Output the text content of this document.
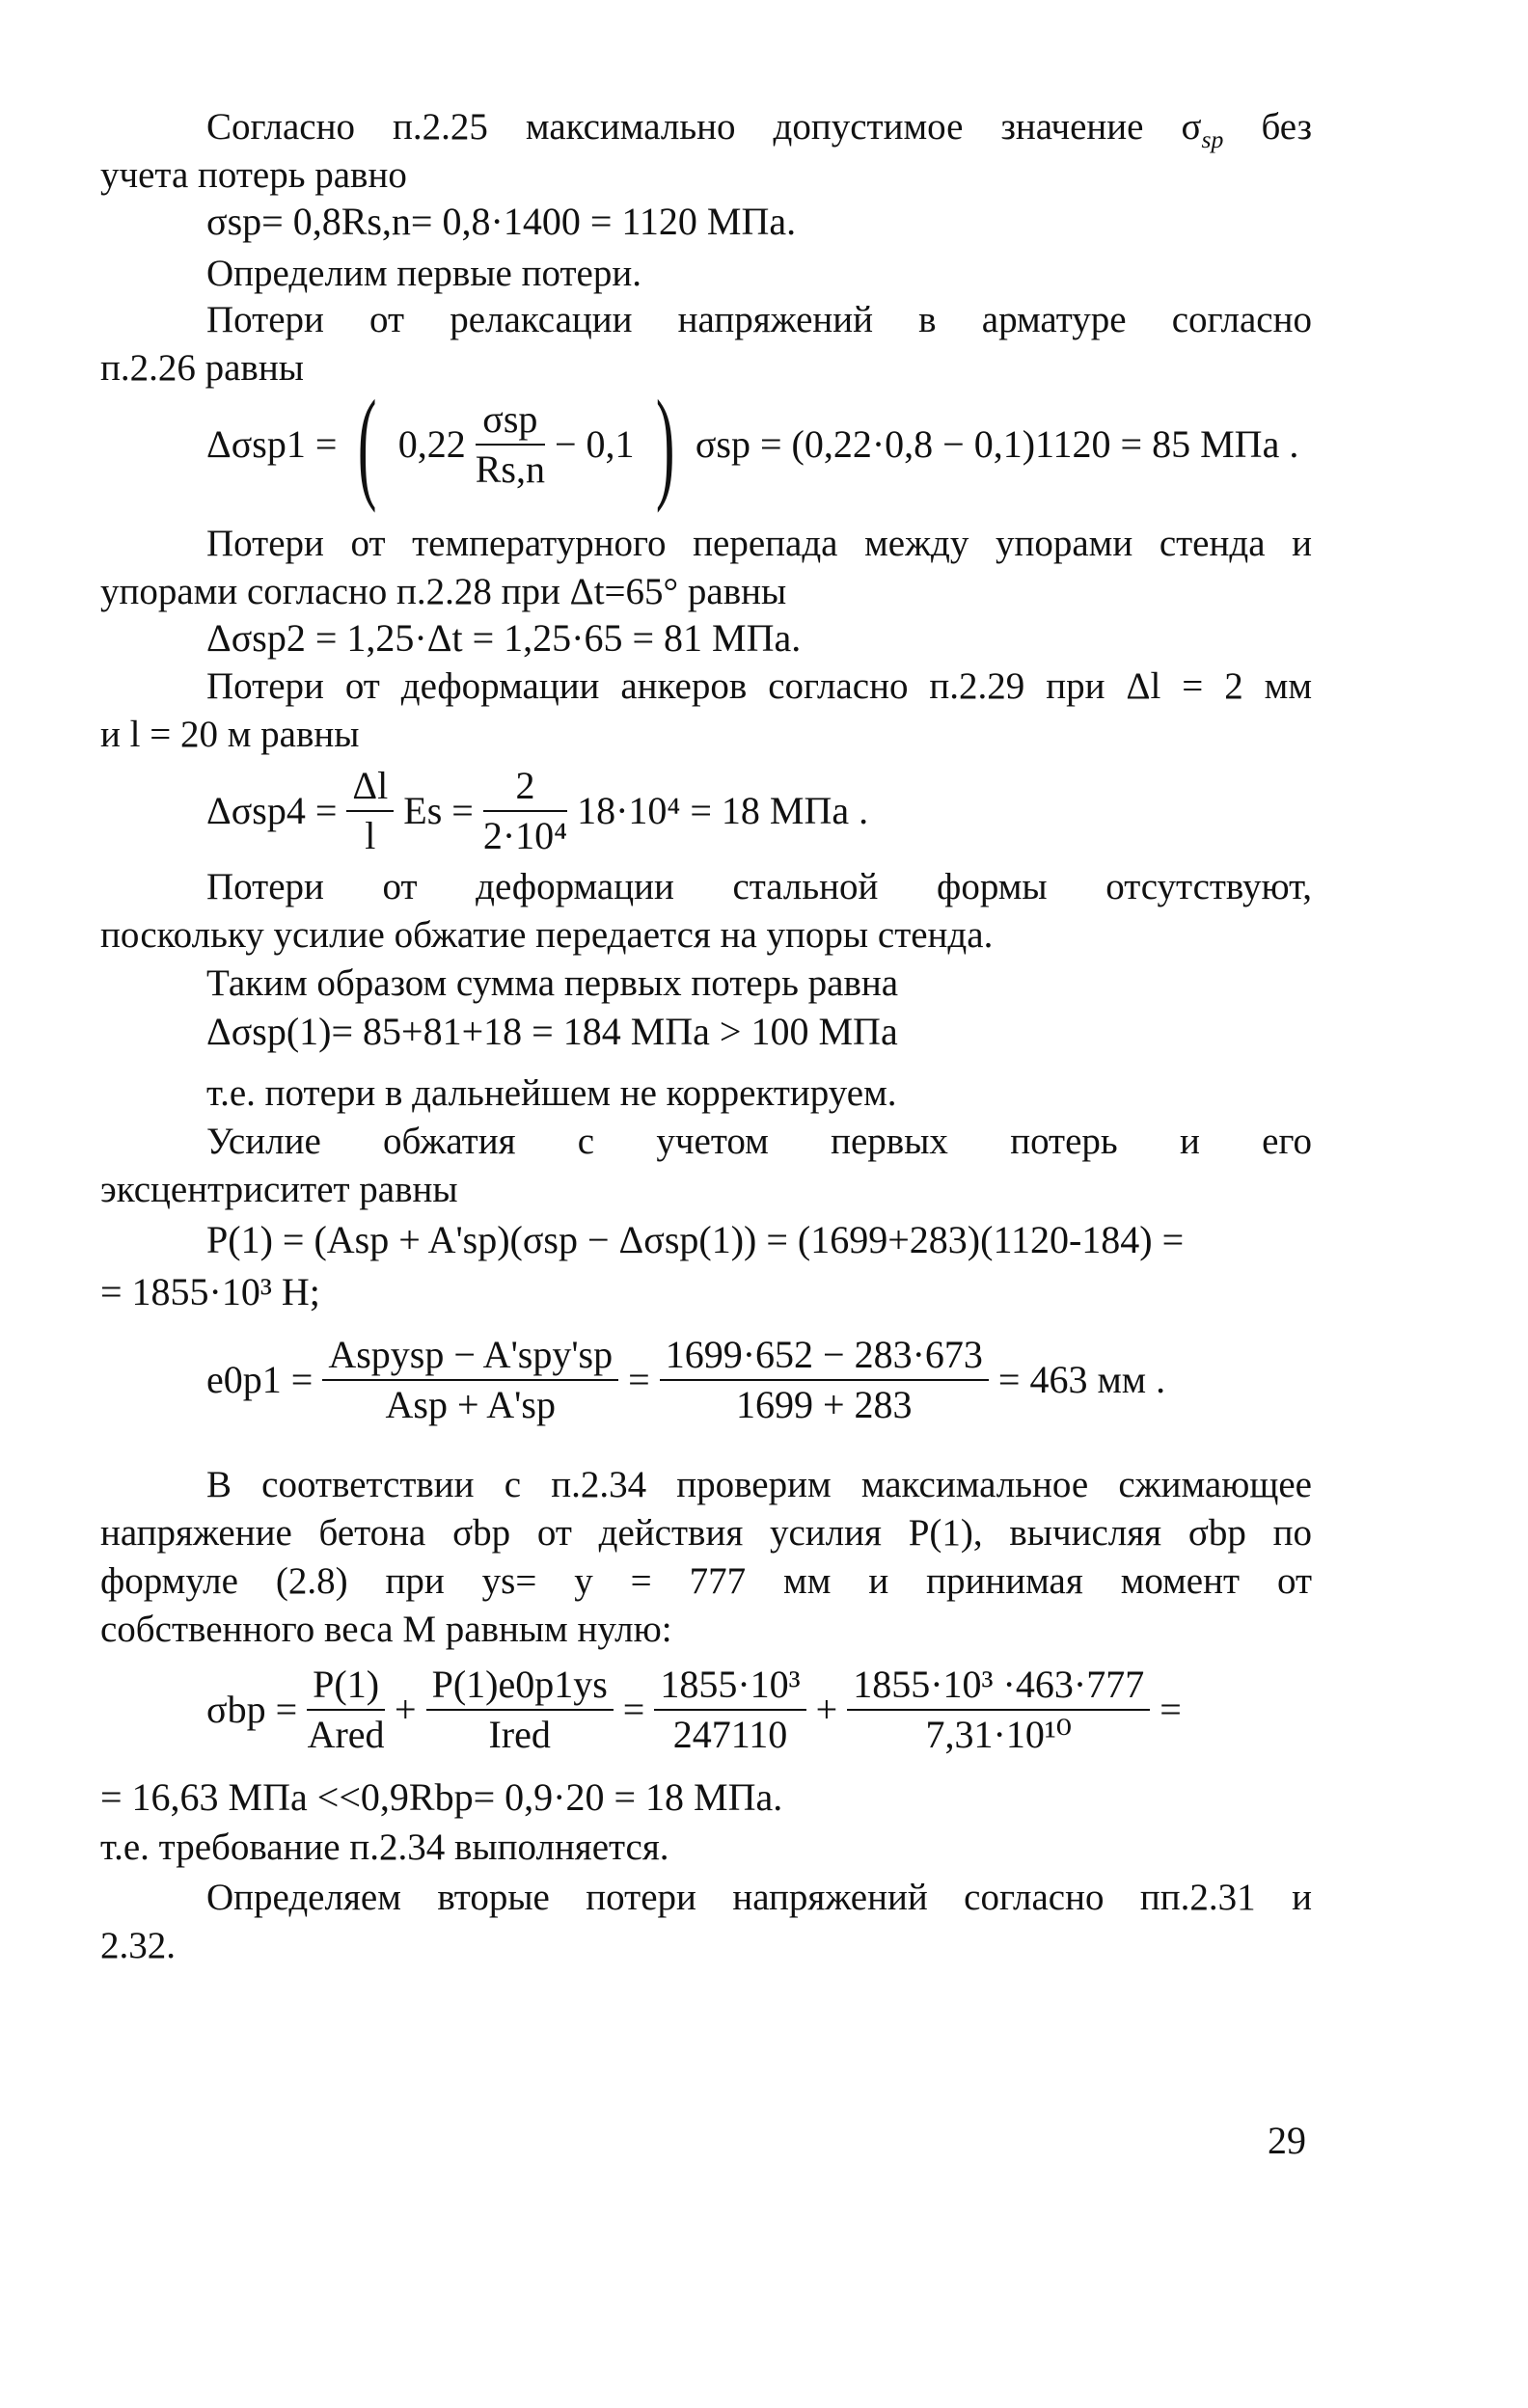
Согласно п.2.25 максимально допустимое значение $\sigma_{sp}$ без
учета потерь равно
σsp= 0,8Rs,n= 0,8·1400 = 1120 МПа.
Определим первые потери.
Потери от релаксации напряжений в арматуре согласно
п.2.26 равны
Δσsp1 = ( $0,22 \frac{\text{σsp}}{Rs,n} - 0,1$ ) σsp = (0,22·0,8 − 0,1)1120 = 85 МПа .
Потери от температурного перепада между упорами стенда и
упорами согласно п.2.28 при Δt=65° равны
Δσsp2 = 1,25·Δt = 1,25·65 = 81 МПа.
Потери от деформации анкеров согласно п.2.29 при Δl = 2 мм
и l = 20 м равны
$\Delta\sigma sp4 = \frac{\Delta l}{l}$ $Es = \frac{2}{\text{2·10⁴}} 18\cdot 10^4 = 18$ МПа .
Потери от деформации стальной формы отсутствуют,
поскольку усилие обжатие передается на упоры стенда.
Таким образом сумма первых потерь равна
Δσsp(1)= 85+81+18 = 184 МПа > 100 МПа
т.е. потери в дальнейшем не корректируем.
Усилие обжатия с учетом первых потерь и его
эксцентриситет равны
P(1) = (Asp + A'sp)(σsp − Δσsp(1)) = (1699+283)(1120-184) =
= 1855·10³ Н;
$e0p1 = \frac{\text{Aspysp − A'spy'sp}}{\text{Asp + A'sp}} = \frac{1699\cdot 652 - 283\cdot 673}{1699 + 283} = 463$ мм .
В соответствии с п.2.34 проверим максимальное сжимающее
напряжение бетона σbp от действия усилия P(1), вычисляя σbp по
формуле (2.8) при ys= y = 777 мм и принимая момент от
собственного веса M равным нулю:
$\sigma bp = \frac{P(1)}{\text{Ared}} + \frac{P(1)e0p1ys}{\text{Ired}} = \frac{\text{1855·10³}}{247110} + \frac{\text{1855·10³ ·463·777}}{\text{7,31·10¹⁰}}$ =
= 16,63 МПа <<0,9Rbp= 0,9·20 = 18 МПа.
т.е. требование п.2.34 выполняется.
Определяем вторые потери напряжений согласно пп.2.31 и
2.32.
29
